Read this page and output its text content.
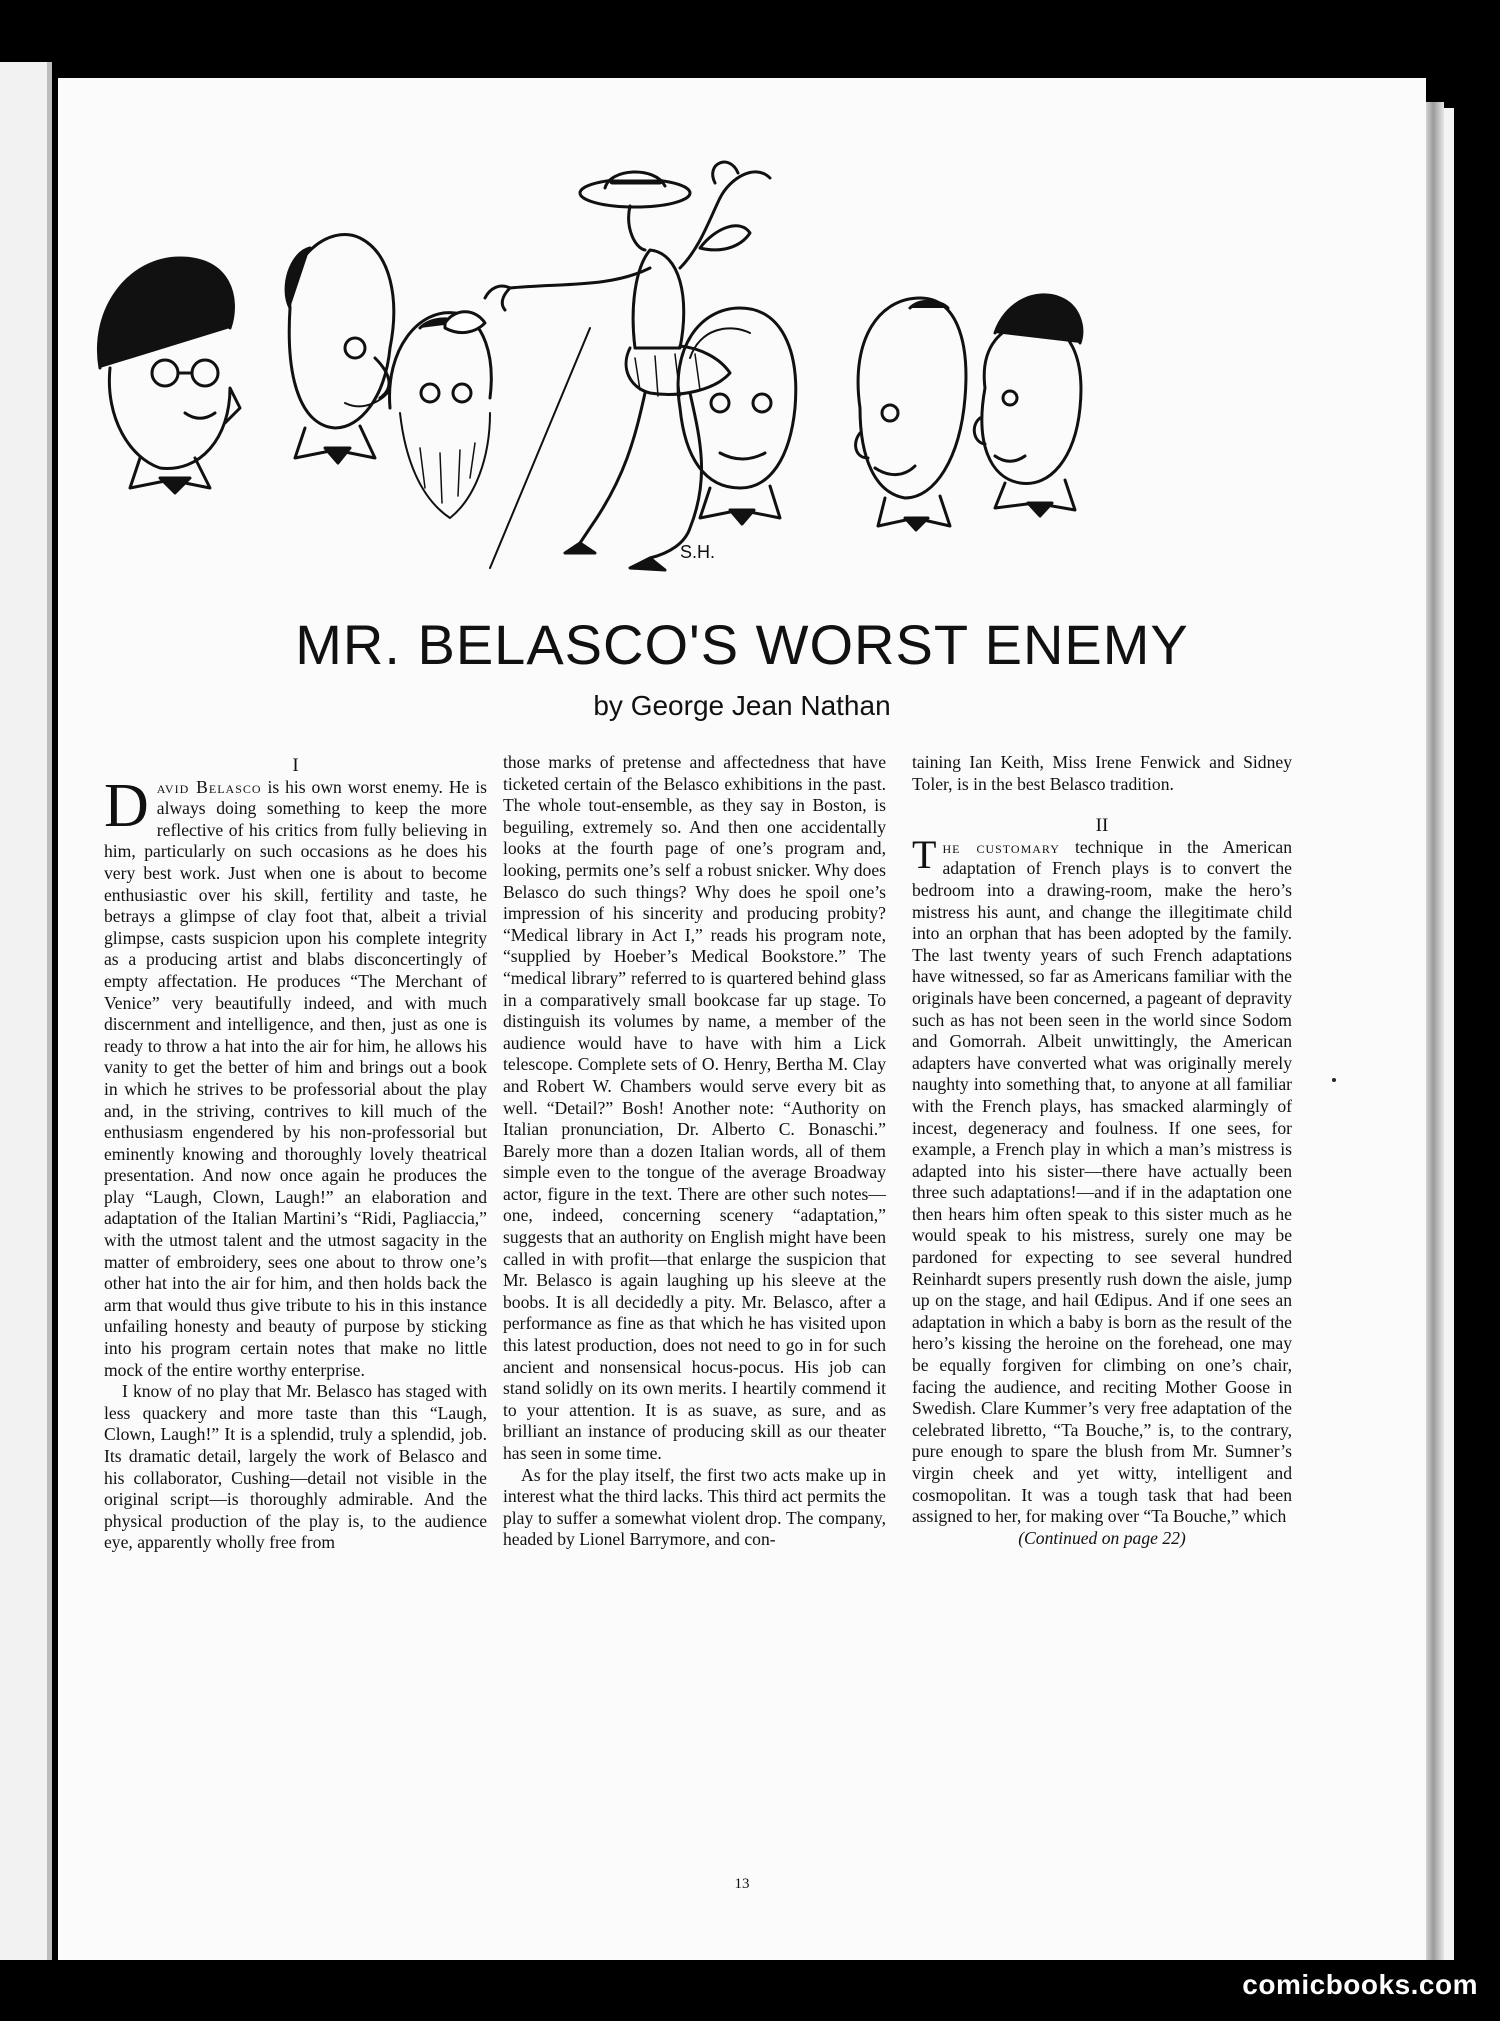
S.H.
MR. BELASCO'S WORST ENEMY
by George Jean Nathan

I

David Belasco is his own worst enemy. He is always doing something to keep the more reflective of his critics from fully believing in him, particularly on such occasions as he does his very best work. Just when one is about to become enthusiastic over his skill, fertility and taste, he betrays a glimpse of clay foot that, albeit a trivial glimpse, casts suspicion upon his complete integrity as a producing artist and blabs disconcertingly of empty affectation. He produces “The Merchant of Venice” very beautifully indeed, and with much discernment and intelligence, and then, just as one is ready to throw a hat into the air for him, he allows his vanity to get the better of him and brings out a book in which he strives to be professorial about the play and, in the striving, contrives to kill much of the enthusiasm engendered by his non-professorial but eminently knowing and thoroughly lovely theatrical presentation. And now once again he produces the play “Laugh, Clown, Laugh!” an elaboration and adaptation of the Italian Martini’s “Ridi, Pagliaccia,” with the utmost talent and the utmost sagacity in the matter of embroidery, sees one about to throw one’s other hat into the air for him, and then holds back the arm that would thus give tribute to his in this instance unfailing honesty and beauty of purpose by sticking into his program certain notes that make no little mock of the entire worthy enterprise.

I know of no play that Mr. Belasco has staged with less quackery and more taste than this “Laugh, Clown, Laugh!” It is a splendid, truly a splendid, job. Its dramatic detail, largely the work of Belasco and his collaborator, Cushing—detail not visible in the original script—is thoroughly admirable. And the physical production of the play is, to the audience eye, apparently wholly free from

those marks of pretense and affectedness that have ticketed certain of the Belasco exhibitions in the past. The whole tout-ensemble, as they say in Boston, is beguiling, extremely so. And then one accidentally looks at the fourth page of one’s program and, looking, permits one’s self a robust snicker. Why does Belasco do such things? Why does he spoil one’s impression of his sincerity and producing probity? “Medical library in Act I,” reads his program note, “supplied by Hoeber’s Medical Bookstore.” The “medical library” referred to is quartered behind glass in a comparatively small bookcase far up stage. To distinguish its volumes by name, a member of the audience would have to have with him a Lick telescope. Complete sets of O. Henry, Bertha M. Clay and Robert W. Chambers would serve every bit as well. “Detail?” Bosh! Another note: “Authority on Italian pronunciation, Dr. Alberto C. Bonaschi.” Barely more than a dozen Italian words, all of them simple even to the tongue of the average Broadway actor, figure in the text. There are other such notes—one, indeed, concerning scenery “adaptation,” suggests that an authority on English might have been called in with profit—that enlarge the suspicion that Mr. Belasco is again laughing up his sleeve at the boobs. It is all decidedly a pity. Mr. Belasco, after a performance as fine as that which he has visited upon this latest production, does not need to go in for such ancient and nonsensical hocus-pocus. His job can stand solidly on its own merits. I heartily commend it to your attention. It is as suave, as sure, and as brilliant an instance of producing skill as our theater has seen in some time.

As for the play itself, the first two acts make up in interest what the third lacks. This third act permits the play to suffer a somewhat violent drop. The company, headed by Lionel Barrymore, and con-

taining Ian Keith, Miss Irene Fenwick and Sidney Toler, is in the best Belasco tradition.

II

The customary technique in the American adaptation of French plays is to convert the bedroom into a drawing-room, make the hero’s mistress his aunt, and change the illegitimate child into an orphan that has been adopted by the family. The last twenty years of such French adaptations have witnessed, so far as Americans familiar with the originals have been concerned, a pageant of depravity such as has not been seen in the world since Sodom and Gomorrah. Albeit unwittingly, the American adapters have converted what was originally merely naughty into something that, to anyone at all familiar with the French plays, has smacked alarmingly of incest, degeneracy and foulness. If one sees, for example, a French play in which a man’s mistress is adapted into his sister—there have actually been three such adaptations!—and if in the adaptation one then hears him often speak to this sister much as he would speak to his mistress, surely one may be pardoned for expecting to see several hundred Reinhardt supers presently rush down the aisle, jump up on the stage, and hail Œdipus. And if one sees an adaptation in which a baby is born as the result of the hero’s kissing the heroine on the forehead, one may be equally forgiven for climbing on one’s chair, facing the audience, and reciting Mother Goose in Swedish. Clare Kummer’s very free adaptation of the celebrated libretto, “Ta Bouche,” is, to the contrary, pure enough to spare the blush from Mr. Sumner’s virgin cheek and yet witty, intelligent and cosmopolitan. It was a tough task that had been assigned to her, for making over “Ta Bouche,” which

(Continued on page 22)

13
comicbooks.com
